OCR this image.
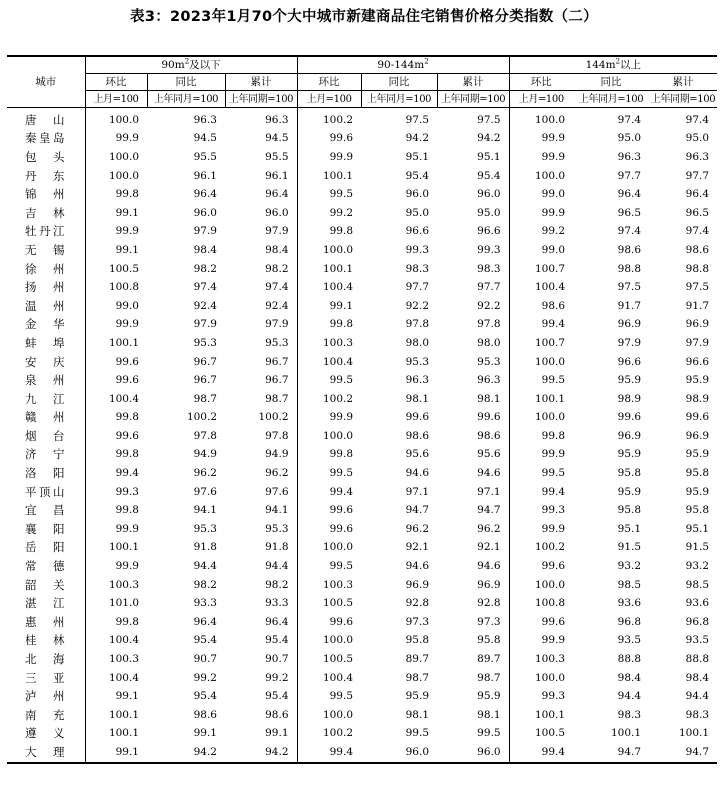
表3：2023年1月70个大中城市新建商品住宅销售价格分类指数（二）
城市	$90m^2$及以下			$90-144m^2$			$144m^2$以上		
	环比	同比	累计	环比	同比	累计	环比	同比	累计
	上月=100	上年同月=100	上年同期=100	上月=100	上年同月=100	上年同期=100	上月=100	上年同月=100	上年同期=100
唐山	100.0	96.3	96.3	100.2	97.5	97.5	100.0	97.4	97.4
秦皇岛	99.9	94.5	94.5	99.6	94.2	94.2	99.9	95.0	95.0
包头	100.0	95.5	95.5	99.9	95.1	95.1	99.9	96.3	96.3
丹东	100.0	96.1	96.1	100.1	95.4	95.4	100.0	97.7	97.7
锦州	99.8	96.4	96.4	99.5	96.0	96.0	99.0	96.4	96.4
吉林	99.1	96.0	96.0	99.2	95.0	95.0	99.9	96.5	96.5
牡丹江	99.9	97.9	97.9	99.8	96.6	96.6	99.2	97.4	97.4
无锡	99.1	98.4	98.4	100.0	99.3	99.3	99.0	98.6	98.6
徐州	100.5	98.2	98.2	100.1	98.3	98.3	100.7	98.8	98.8
扬州	100.8	97.4	97.4	100.4	97.7	97.7	100.4	97.5	97.5
温州	99.0	92.4	92.4	99.1	92.2	92.2	98.6	91.7	91.7
金华	99.9	97.9	97.9	99.8	97.8	97.8	99.4	96.9	96.9
蚌埠	100.1	95.3	95.3	100.3	98.0	98.0	100.7	97.9	97.9
安庆	99.6	96.7	96.7	100.4	95.3	95.3	100.0	96.6	96.6
泉州	99.6	96.7	96.7	99.5	96.3	96.3	99.5	95.9	95.9
九江	100.4	98.7	98.7	100.2	98.1	98.1	100.1	98.9	98.9
赣州	99.8	100.2	100.2	99.9	99.6	99.6	100.0	99.6	99.6
烟台	99.6	97.8	97.8	100.0	98.6	98.6	99.8	96.9	96.9
济宁	99.8	94.9	94.9	99.8	95.6	95.6	99.9	95.9	95.9
洛阳	99.4	96.2	96.2	99.5	94.6	94.6	99.5	95.8	95.8
平顶山	99.3	97.6	97.6	99.4	97.1	97.1	99.4	95.9	95.9
宜昌	99.8	94.1	94.1	99.6	94.7	94.7	99.3	95.8	95.8
襄阳	99.9	95.3	95.3	99.6	96.2	96.2	99.9	95.1	95.1
岳阳	100.1	91.8	91.8	100.0	92.1	92.1	100.2	91.5	91.5
常德	99.9	94.4	94.4	99.5	94.6	94.6	99.6	93.2	93.2
韶关	100.3	98.2	98.2	100.3	96.9	96.9	100.0	98.5	98.5
湛江	101.0	93.3	93.3	100.5	92.8	92.8	100.8	93.6	93.6
惠州	99.8	96.4	96.4	99.6	97.3	97.3	99.6	96.8	96.8
桂林	100.4	95.4	95.4	100.0	95.8	95.8	99.9	93.5	93.5
北海	100.3	90.7	90.7	100.5	89.7	89.7	100.3	88.8	88.8
三亚	100.4	99.2	99.2	100.4	98.7	98.7	100.0	98.4	98.4
泸州	99.1	95.4	95.4	99.5	95.9	95.9	99.3	94.4	94.4
南充	100.1	98.6	98.6	100.0	98.1	98.1	100.1	98.3	98.3
遵义	100.1	99.1	99.1	100.2	99.5	99.5	100.5	100.1	100.1
大理	99.1	94.2	94.2	99.4	96.0	96.0	99.4	94.7	94.7
